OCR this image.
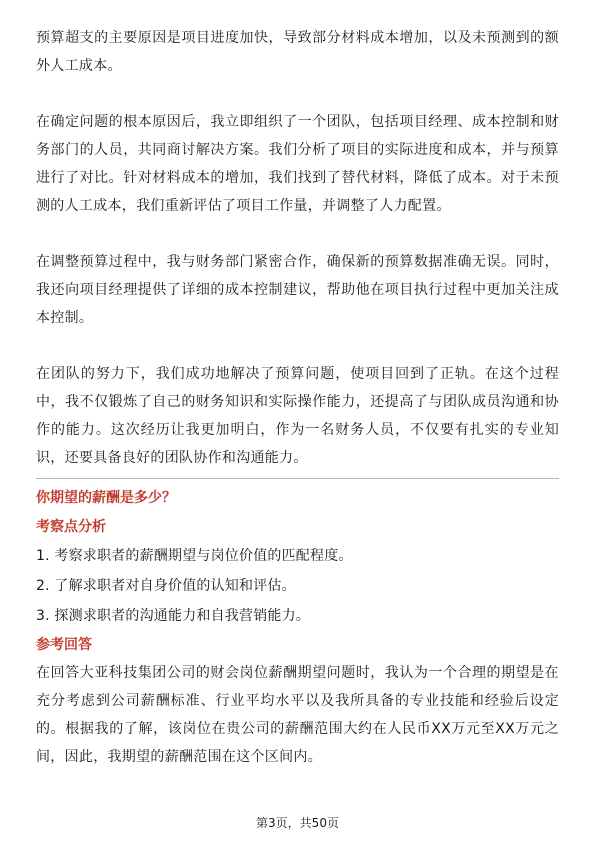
预算超支的主要原因是项目进度加快，导致部分材料成本增加，以及未预测到的额外人工成本。

在确定问题的根本原因后，我立即组织了一个团队，包括项目经理、成本控制和财务部门的人员，共同商讨解决方案。我们分析了项目的实际进度和成本，并与预算进行了对比。针对材料成本的增加，我们找到了替代材料，降低了成本。对于未预测的人工成本，我们重新评估了项目工作量，并调整了人力配置。

在调整预算过程中，我与财务部门紧密合作，确保新的预算数据准确无误。同时，我还向项目经理提供了详细的成本控制建议，帮助他在项目执行过程中更加关注成本控制。

在团队的努力下，我们成功地解决了预算问题，使项目回到了正轨。在这个过程中，我不仅锻炼了自己的财务知识和实际操作能力，还提高了与团队成员沟通和协作的能力。这次经历让我更加明白，作为一名财务人员，不仅要有扎实的专业知识，还要具备良好的团队协作和沟通能力。

你期望的薪酬是多少？

考察点分析

1. 考察求职者的薪酬期望与岗位价值的匹配程度。
2. 了解求职者对自身价值的认知和评估。
3. 探测求职者的沟通能力和自我营销能力。

参考回答

在回答大亚科技集团公司的财会岗位薪酬期望问题时，我认为一个合理的期望是在充分考虑到公司薪酬标准、行业平均水平以及我所具备的专业技能和经验后设定的。根据我的了解，该岗位在贵公司的薪酬范围大约在人民币XX万元至XX万元之间，因此，我期望的薪酬范围在这个区间内。

第3页，共50页
